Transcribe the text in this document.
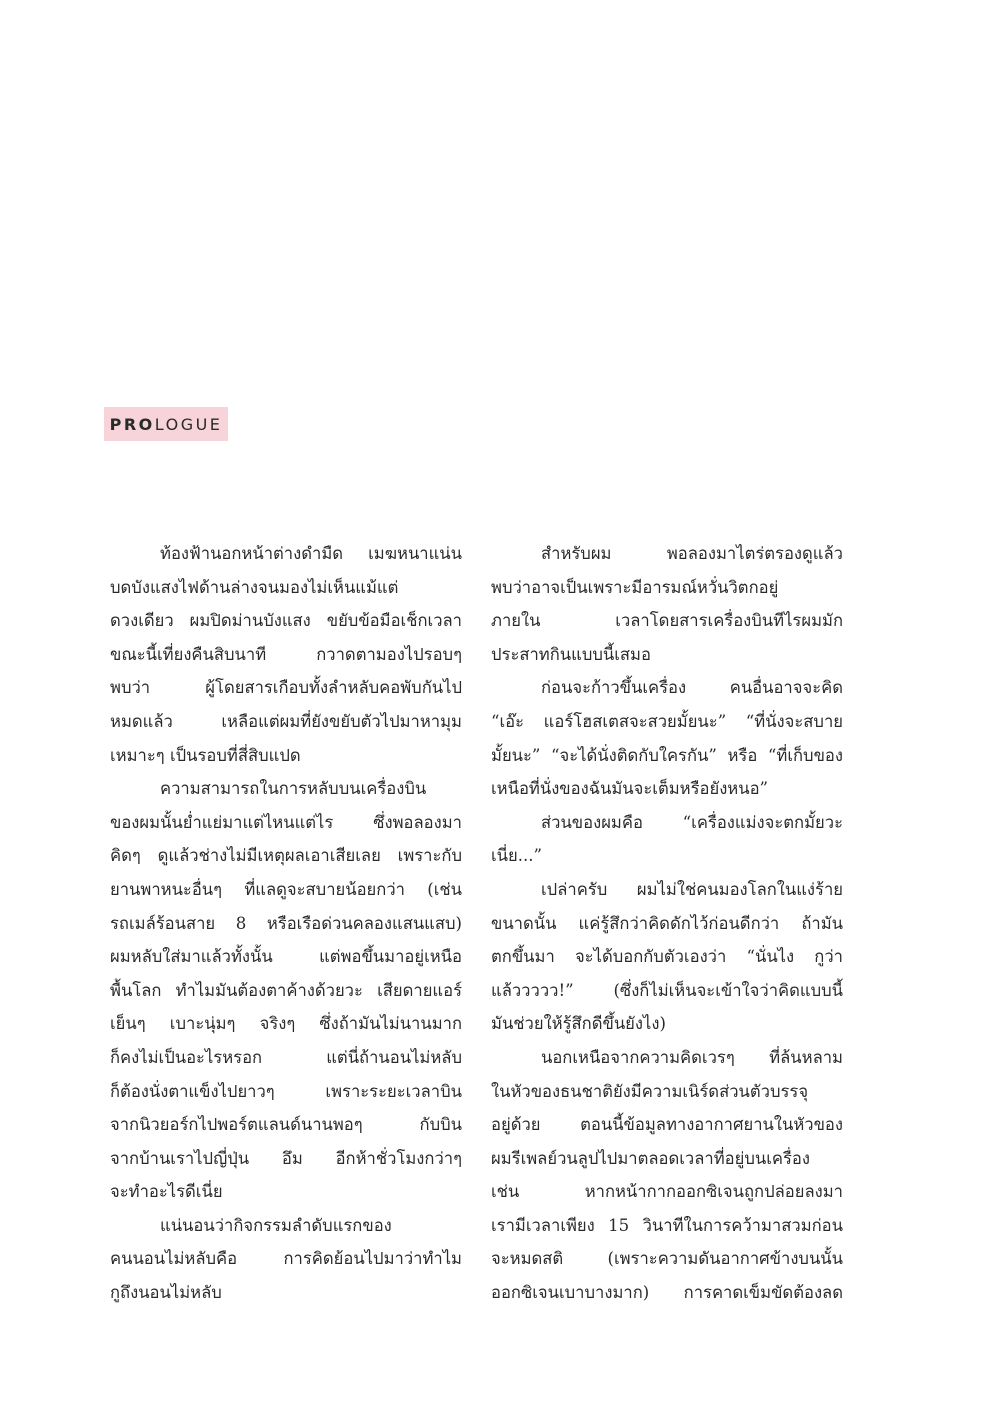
PRO LOGUE
ท้องฟ้านอกหน้าต่างดำมืด เมฆหนาแน่น
บดบังแสงไฟด้านล่างจนมองไม่เห็นแม้แต่
ดวงเดียว ผมปิดม่านบังแสง ขยับข้อมือเช็กเวลา
ขณะนี้เที่ยงคืนสิบนาที กวาดตามองไปรอบๆ
พบว่า ผู้โดยสารเกือบทั้งลำหลับคอพับกันไป
หมดแล้ว เหลือแต่ผมที่ยังขยับตัวไปมาหามุม
เหมาะๆ เป็นรอบที่สี่สิบแปด
ความสามารถในการหลับบนเครื่องบิน
ของผมนั้นย่ำแย่มาแต่ไหนแต่ไร ซึ่งพอลองมา
คิดๆ ดูแล้วช่างไม่มีเหตุผลเอาเสียเลย เพราะกับ
ยานพาหนะอื่นๆ ที่แลดูจะสบายน้อยกว่า (เช่น
รถเมล์ร้อนสาย 8 หรือเรือด่วนคลองแสนแสบ)
ผมหลับใส่มาแล้วทั้งนั้น แต่พอขึ้นมาอยู่เหนือ
พื้นโลก ทำไมมันต้องตาค้างด้วยวะ เสียดายแอร์
เย็นๆ เบาะนุ่มๆ จริงๆ ซึ่งถ้ามันไม่นานมาก
ก็คงไม่เป็นอะไรหรอก แต่นี่ถ้านอนไม่หลับ
ก็ต้องนั่งตาแข็งไปยาวๆ เพราะระยะเวลาบิน
จากนิวยอร์กไปพอร์ตแลนด์นานพอๆ กับบิน
จากบ้านเราไปญี่ปุ่น อึม อีกห้าชั่วโมงกว่าๆ
จะทำอะไรดีเนี่ย
แน่นอนว่ากิจกรรมลำดับแรกของ
คนนอนไม่หลับคือ การคิดย้อนไปมาว่าทำไม
กูถึงนอนไม่หลับ
สำหรับผม พอลองมาไตร่ตรองดูแล้ว
พบว่าอาจเป็นเพราะมีอารมณ์หวั่นวิตกอยู่
ภายใน เวลาโดยสารเครื่องบินทีไรผมมัก
ประสาทกินแบบนี้เสมอ
ก่อนจะก้าวขึ้นเครื่อง คนอื่นอาจจะคิด
“เอ๊ะ แอร์โฮสเตสจะสวยมั้ยนะ” “ที่นั่งจะสบาย
มั้ยนะ” “จะได้นั่งติดกับใครกัน” หรือ “ที่เก็บของ
เหนือที่นั่งของฉันมันจะเต็มหรือยังหนอ”
ส่วนของผมคือ “เครื่องแม่งจะตกมั้ยวะ
เนี่ย...”
เปล่าครับ ผมไม่ใช่คนมองโลกในแง่ร้าย
ขนาดนั้น แค่รู้สึกว่าคิดดักไว้ก่อนดีกว่า ถ้ามัน
ตกขึ้นมา จะได้บอกกับตัวเองว่า “นั่นไง กูว่า
แล้ววววว!” (ซึ่งก็ไม่เห็นจะเข้าใจว่าคิดแบบนี้
มันช่วยให้รู้สึกดีขึ้นยังไง)
นอกเหนือจากความคิดเวรๆ ที่ล้นหลาม
ในหัวของธนชาติยังมีความเนิร์ดส่วนตัวบรรจุ
อยู่ด้วย ตอนนี้ข้อมูลทางอากาศยานในหัวของ
ผมรีเพลย์วนลูปไปมาตลอดเวลาที่อยู่บนเครื่อง
เช่น หากหน้ากากออกซิเจนถูกปล่อยลงมา
เรามีเวลาเพียง 15 วินาทีในการคว้ามาสวมก่อน
จะหมดสติ (เพราะความดันอากาศข้างบนนั้น
ออกซิเจนเบาบางมาก) การคาดเข็มขัดต้องลด
